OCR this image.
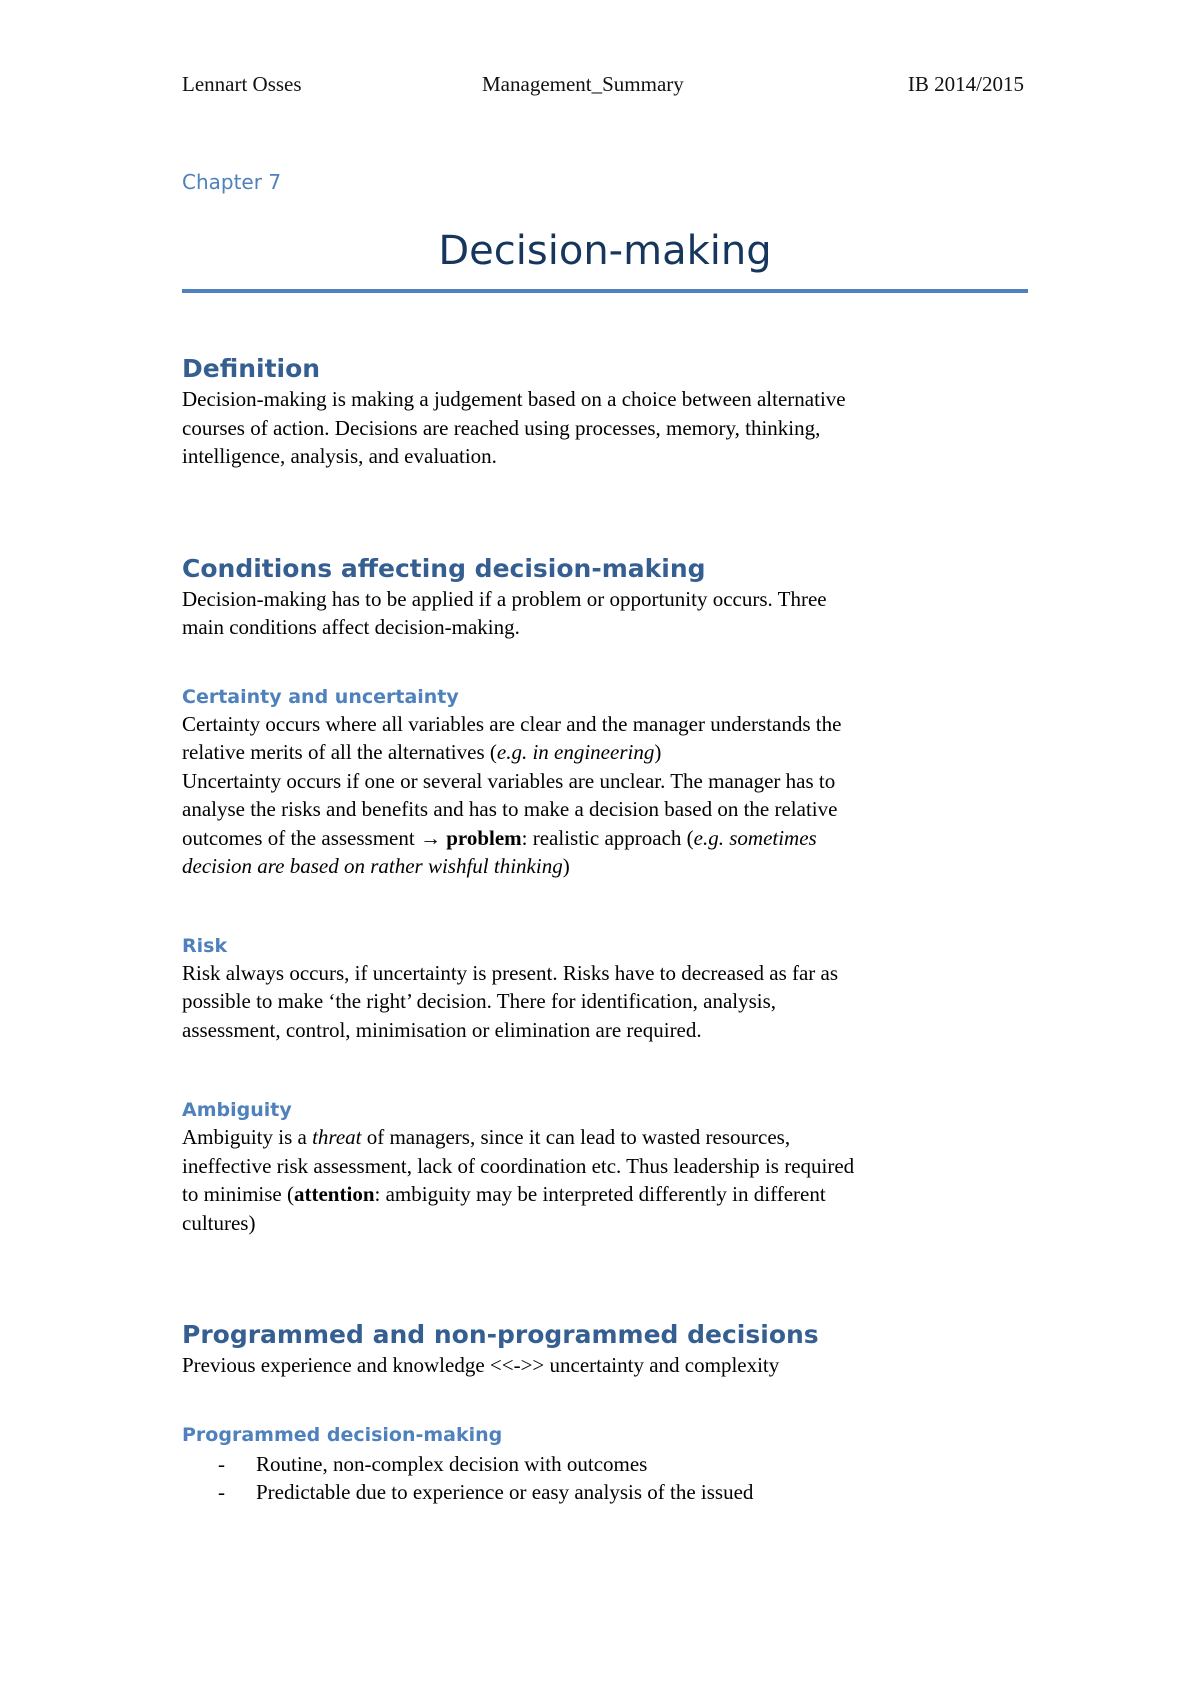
Lennart Osses	Management_Summary	IB 2014/2015

Chapter 7

Decision-making
Definition

Decision-making is making a judgement based on a choice between alternative

courses of action. Decisions are reached using processes, memory, thinking,

intelligence, analysis, and evaluation.

Conditions affecting decision-making

Decision-making has to be applied if a problem or opportunity occurs. Three

main conditions affect decision-making.

Certainty and uncertainty

Certainty occurs where all variables are clear and the manager understands the

relative merits of all the alternatives (e.g. in engineering)

Uncertainty occurs if one or several variables are unclear. The manager has to

analyse the risks and benefits and has to make a decision based on the relative

outcomes of the assessment → problem: realistic approach (e.g. sometimes

decision are based on rather wishful thinking)

Risk

Risk always occurs, if uncertainty is present. Risks have to decreased as far as

possible to make ‘the right’ decision. There for identification, analysis,

assessment, control, minimisation or elimination are required.

Ambiguity

Ambiguity is a threat of managers, since it can lead to wasted resources,

ineffective risk assessment, lack of coordination etc. Thus leadership is required

to minimise (attention: ambiguity may be interpreted differently in different

cultures)

Programmed and non-programmed decisions

Previous experience and knowledge <<->> uncertainty and complexity

Programmed decision-making
- Routine, non-complex decision with outcomes
- Predictable due to experience or easy analysis of the issued
